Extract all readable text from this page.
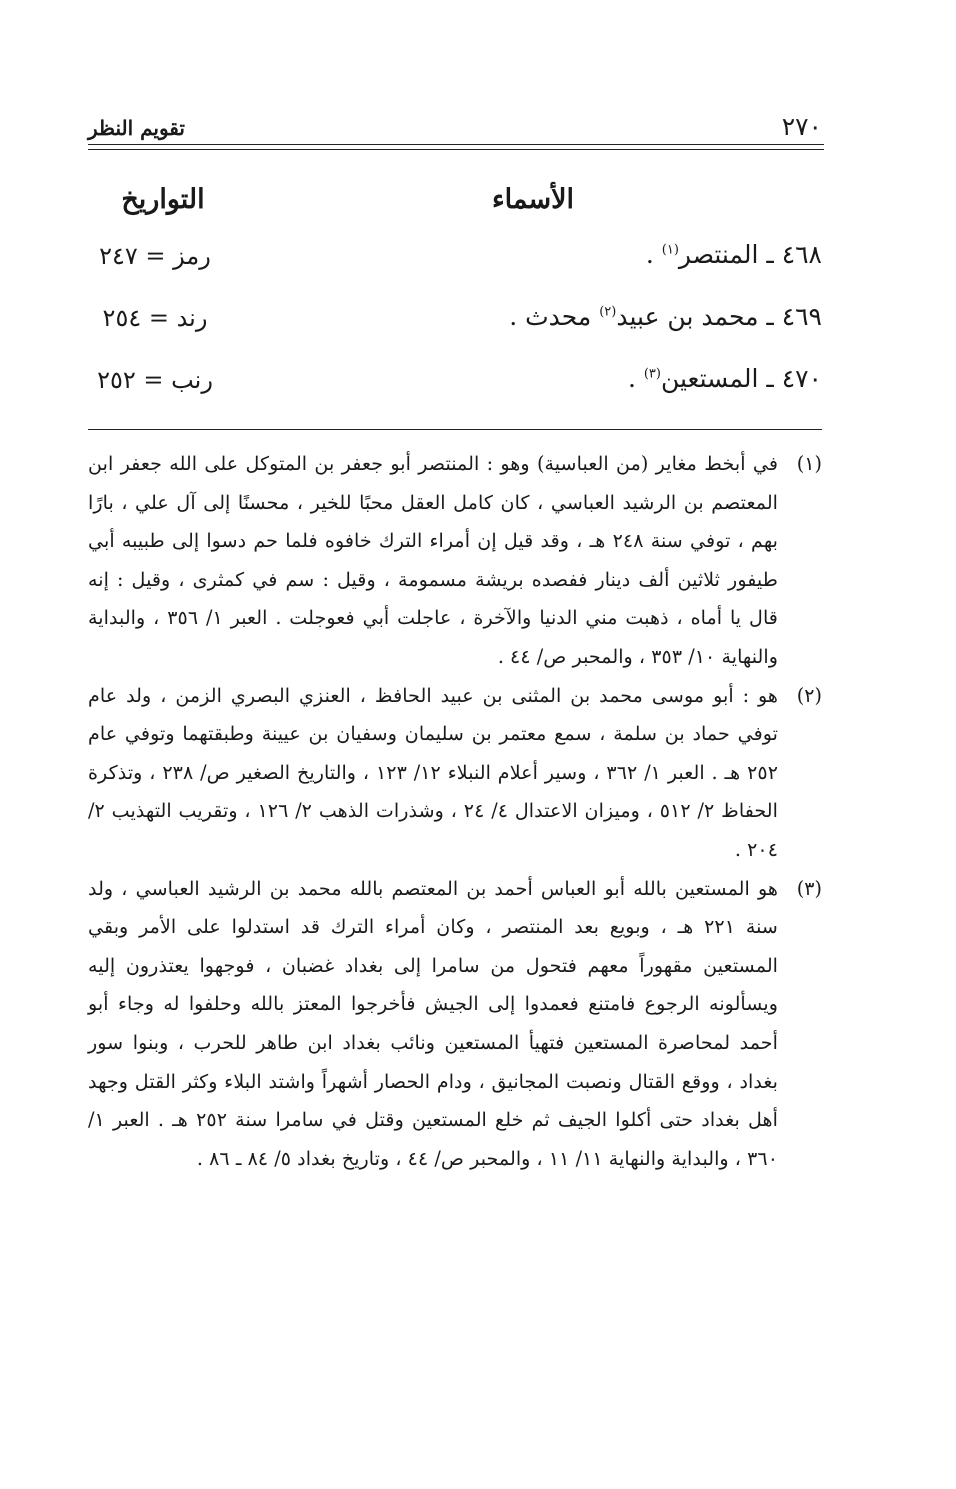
٢٧٠
تقويم النظر
الأسماء
التواريخ
٤٦٨ ـ المنتصر$^{(١)}$ .
رمز = ٢٤٧
٤٦٩ ـ محمد بن عبيد$^{(٢)}$ محدث .
رند = ٢٥٤
٤٧٠ ـ المستعين$^{(٣)}$ .
رنب = ٢٥٢
(١)
في أبخط مغاير (من العباسية) وهو : المنتصر أبو جعفر بن المتوكل على الله جعفر ابن المعتصم بن الرشيد العباسي ، كان كامل العقل محبًا للخير ، محسنًا إلى آل علي ، بارًا بهم ، توفي سنة ٢٤٨ هـ ، وقد قيل إن أمراء الترك خافوه فلما حم دسوا إلى طبيبه أبي طيفور ثلاثين ألف دينار ففصده بريشة مسمومة ، وقيل : سم في كمثرى ، وقيل : إنه قال يا أماه ، ذهبت مني الدنيا والآخرة ، عاجلت أبي فعوجلت . العبر ١/ ٣٥٦ ، والبداية والنهاية ١٠/ ٣٥٣ ، والمحبر ص/ ٤٤ .
(٢)
هو : أبو موسى محمد بن المثنى بن عبيد الحافظ ، العنزي البصري الزمن ، ولد عام توفي حماد بن سلمة ، سمع معتمر بن سليمان وسفيان بن عيينة وطبقتهما وتوفي عام ٢٥٢ هـ . العبر ١/ ٣٦٢ ، وسير أعلام النبلاء ١٢/ ١٢٣ ، والتاريخ الصغير ص/ ٢٣٨ ، وتذكرة الحفاظ ٢/ ٥١٢ ، وميزان الاعتدال ٤/ ٢٤ ، وشذرات الذهب ٢/ ١٢٦ ، وتقريب التهذيب ٢/ ٢٠٤ .
(٣)
هو المستعين بالله أبو العباس أحمد بن المعتصم بالله محمد بن الرشيد العباسي ، ولد سنة ٢٢١ هـ ، وبويع بعد المنتصر ، وكان أمراء الترك قد استدلوا على الأمر وبقي المستعين مقهوراً معهم فتحول من سامرا إلى بغداد غضبان ، فوجهوا يعتذرون إليه ويسألونه الرجوع فامتنع فعمدوا إلى الجيش فأخرجوا المعتز بالله وحلفوا له وجاء أبو أحمد لمحاصرة المستعين فتهيأ المستعين ونائب بغداد ابن طاهر للحرب ، وبنوا سور بغداد ، ووقع القتال ونصبت المجانيق ، ودام الحصار أشهراً واشتد البلاء وكثر القتل وجهد أهل بغداد حتى أكلوا الجيف ثم خلع المستعين وقتل في سامرا سنة ٢٥٢ هـ . العبر ١/ ٣٦٠ ، والبداية والنهاية ١١/ ١١ ، والمحبر ص/ ٤٤ ، وتاريخ بغداد ٥/ ٨٤ ـ ٨٦ .
